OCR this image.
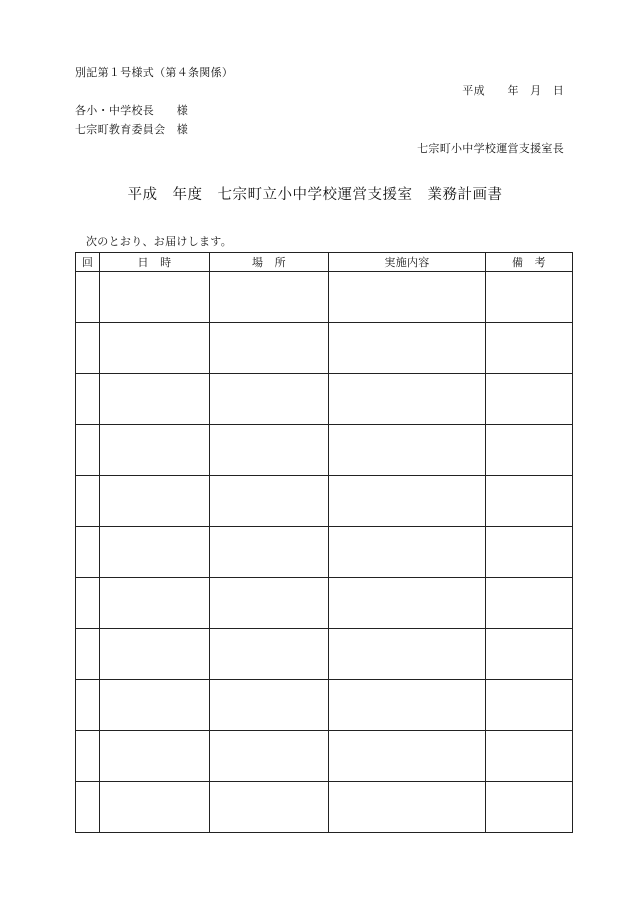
別記第１号様式（第４条関係）
平成　　年　月　日
各小・中学校長　　様
七宗町教育委員会　様
七宗町小中学校運営支援室長
平成　年度　七宗町立小中学校運営支援室　業務計画書
次のとおり、お届けします。
回	日　時	場　所	実施内容	備　考
